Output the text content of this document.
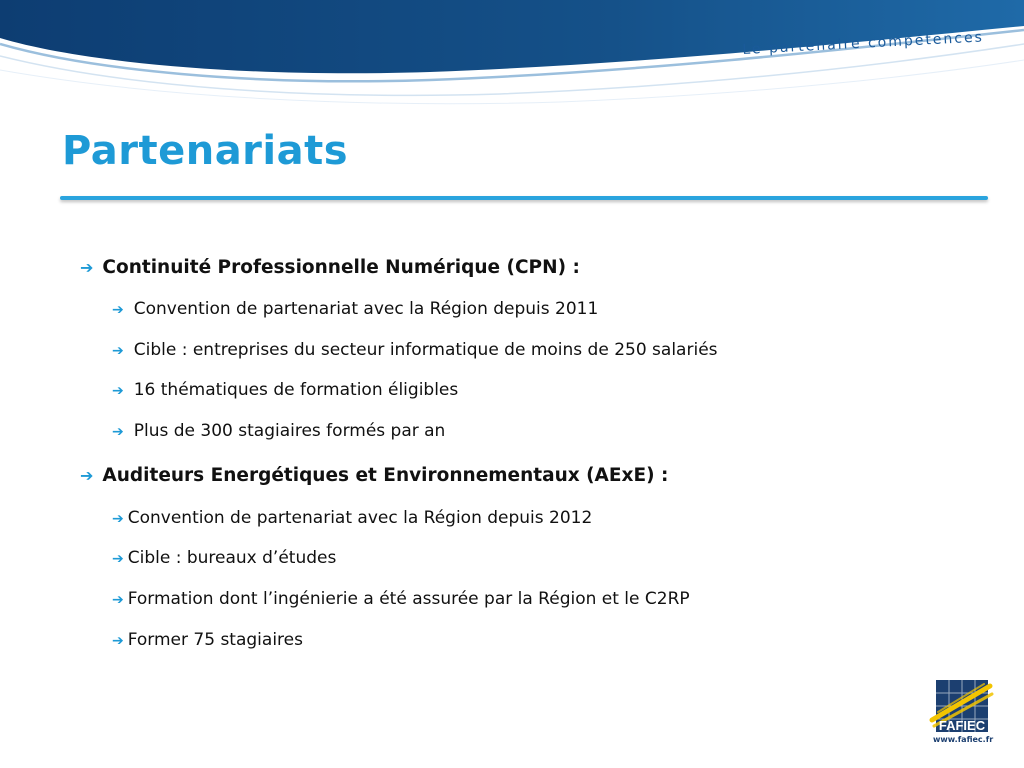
Le partenaire compétences
Partenariats
➔ Continuité Professionnelle Numérique (CPN) :
➔ Convention de partenariat avec la Région depuis 2011
➔ Cible : entreprises du secteur informatique de moins de 250 salariés
➔ 16 thématiques de formation éligibles
➔ Plus de 300 stagiaires formés par an
➔ Auditeurs Energétiques et Environnementaux (AExE) :
➔ Convention de partenariat avec la Région depuis 2012
➔ Cible : bureaux d’études
➔ Formation dont l’ingénierie a été assurée par la Région et le C2RP
➔ Former 75 stagiaires
FAFIEC
www.fafiec.fr
